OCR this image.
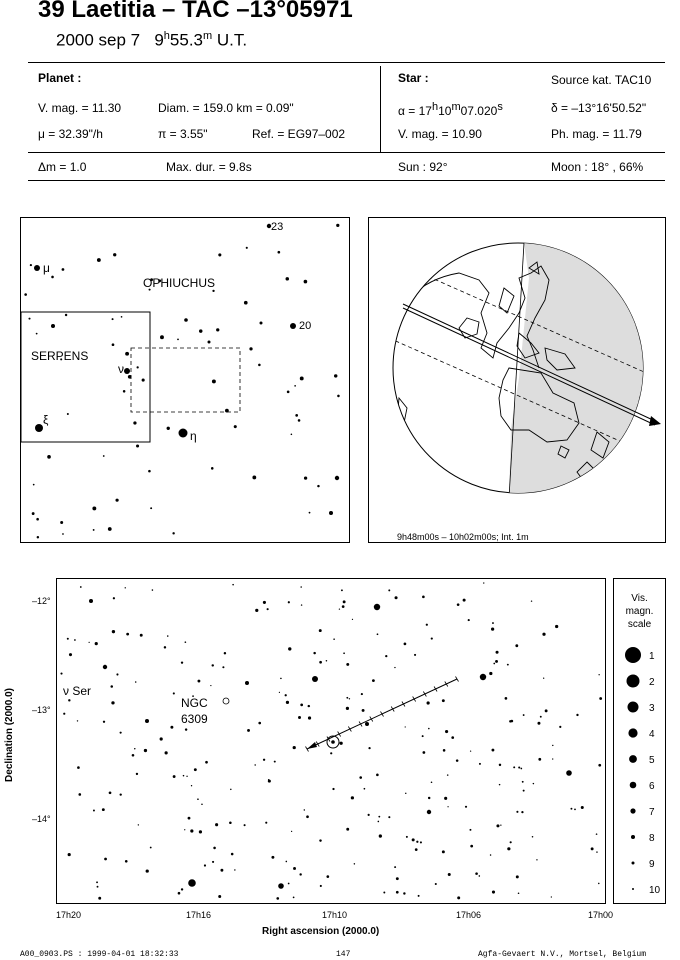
39 Laetitia – TAC –13°05971
2000 sep 7 9$^h$55.3$^m$ U.T.
Planet :
V. mag. = 11.30	Diam. = 159.0 km = 0.09"
μ = 32.39"/h	π = 3.55"	Ref. = EG97–002
Star :	Source kat. TAC10
α = 17h10m07.020s	δ = –13°16'50.52"
V. mag. = 10.90	Ph. mag. = 11.79
Δm = 1.0	Max. dur. = 9.8s	Sun : 92°	Moon : 18° , 66%
OPHIUCHUS
SERPENS
23
μ
20
ν
ξ
η
9h48m00s – 10h02m00s; Int. 1m
NGC
6309
ν Ser
–12°
–13°
–14°
Declination (2000.0)
17h20	17h16	17h10	17h06	17h00
Right ascension (2000.0)
Vis.
magn.
scale
1
2
3
4
5
6
7
8
9
10
A00_0903.PS : 1999-04-01 18:32:33	147	Agfa-Gevaert N.V., Mortsel, Belgium
